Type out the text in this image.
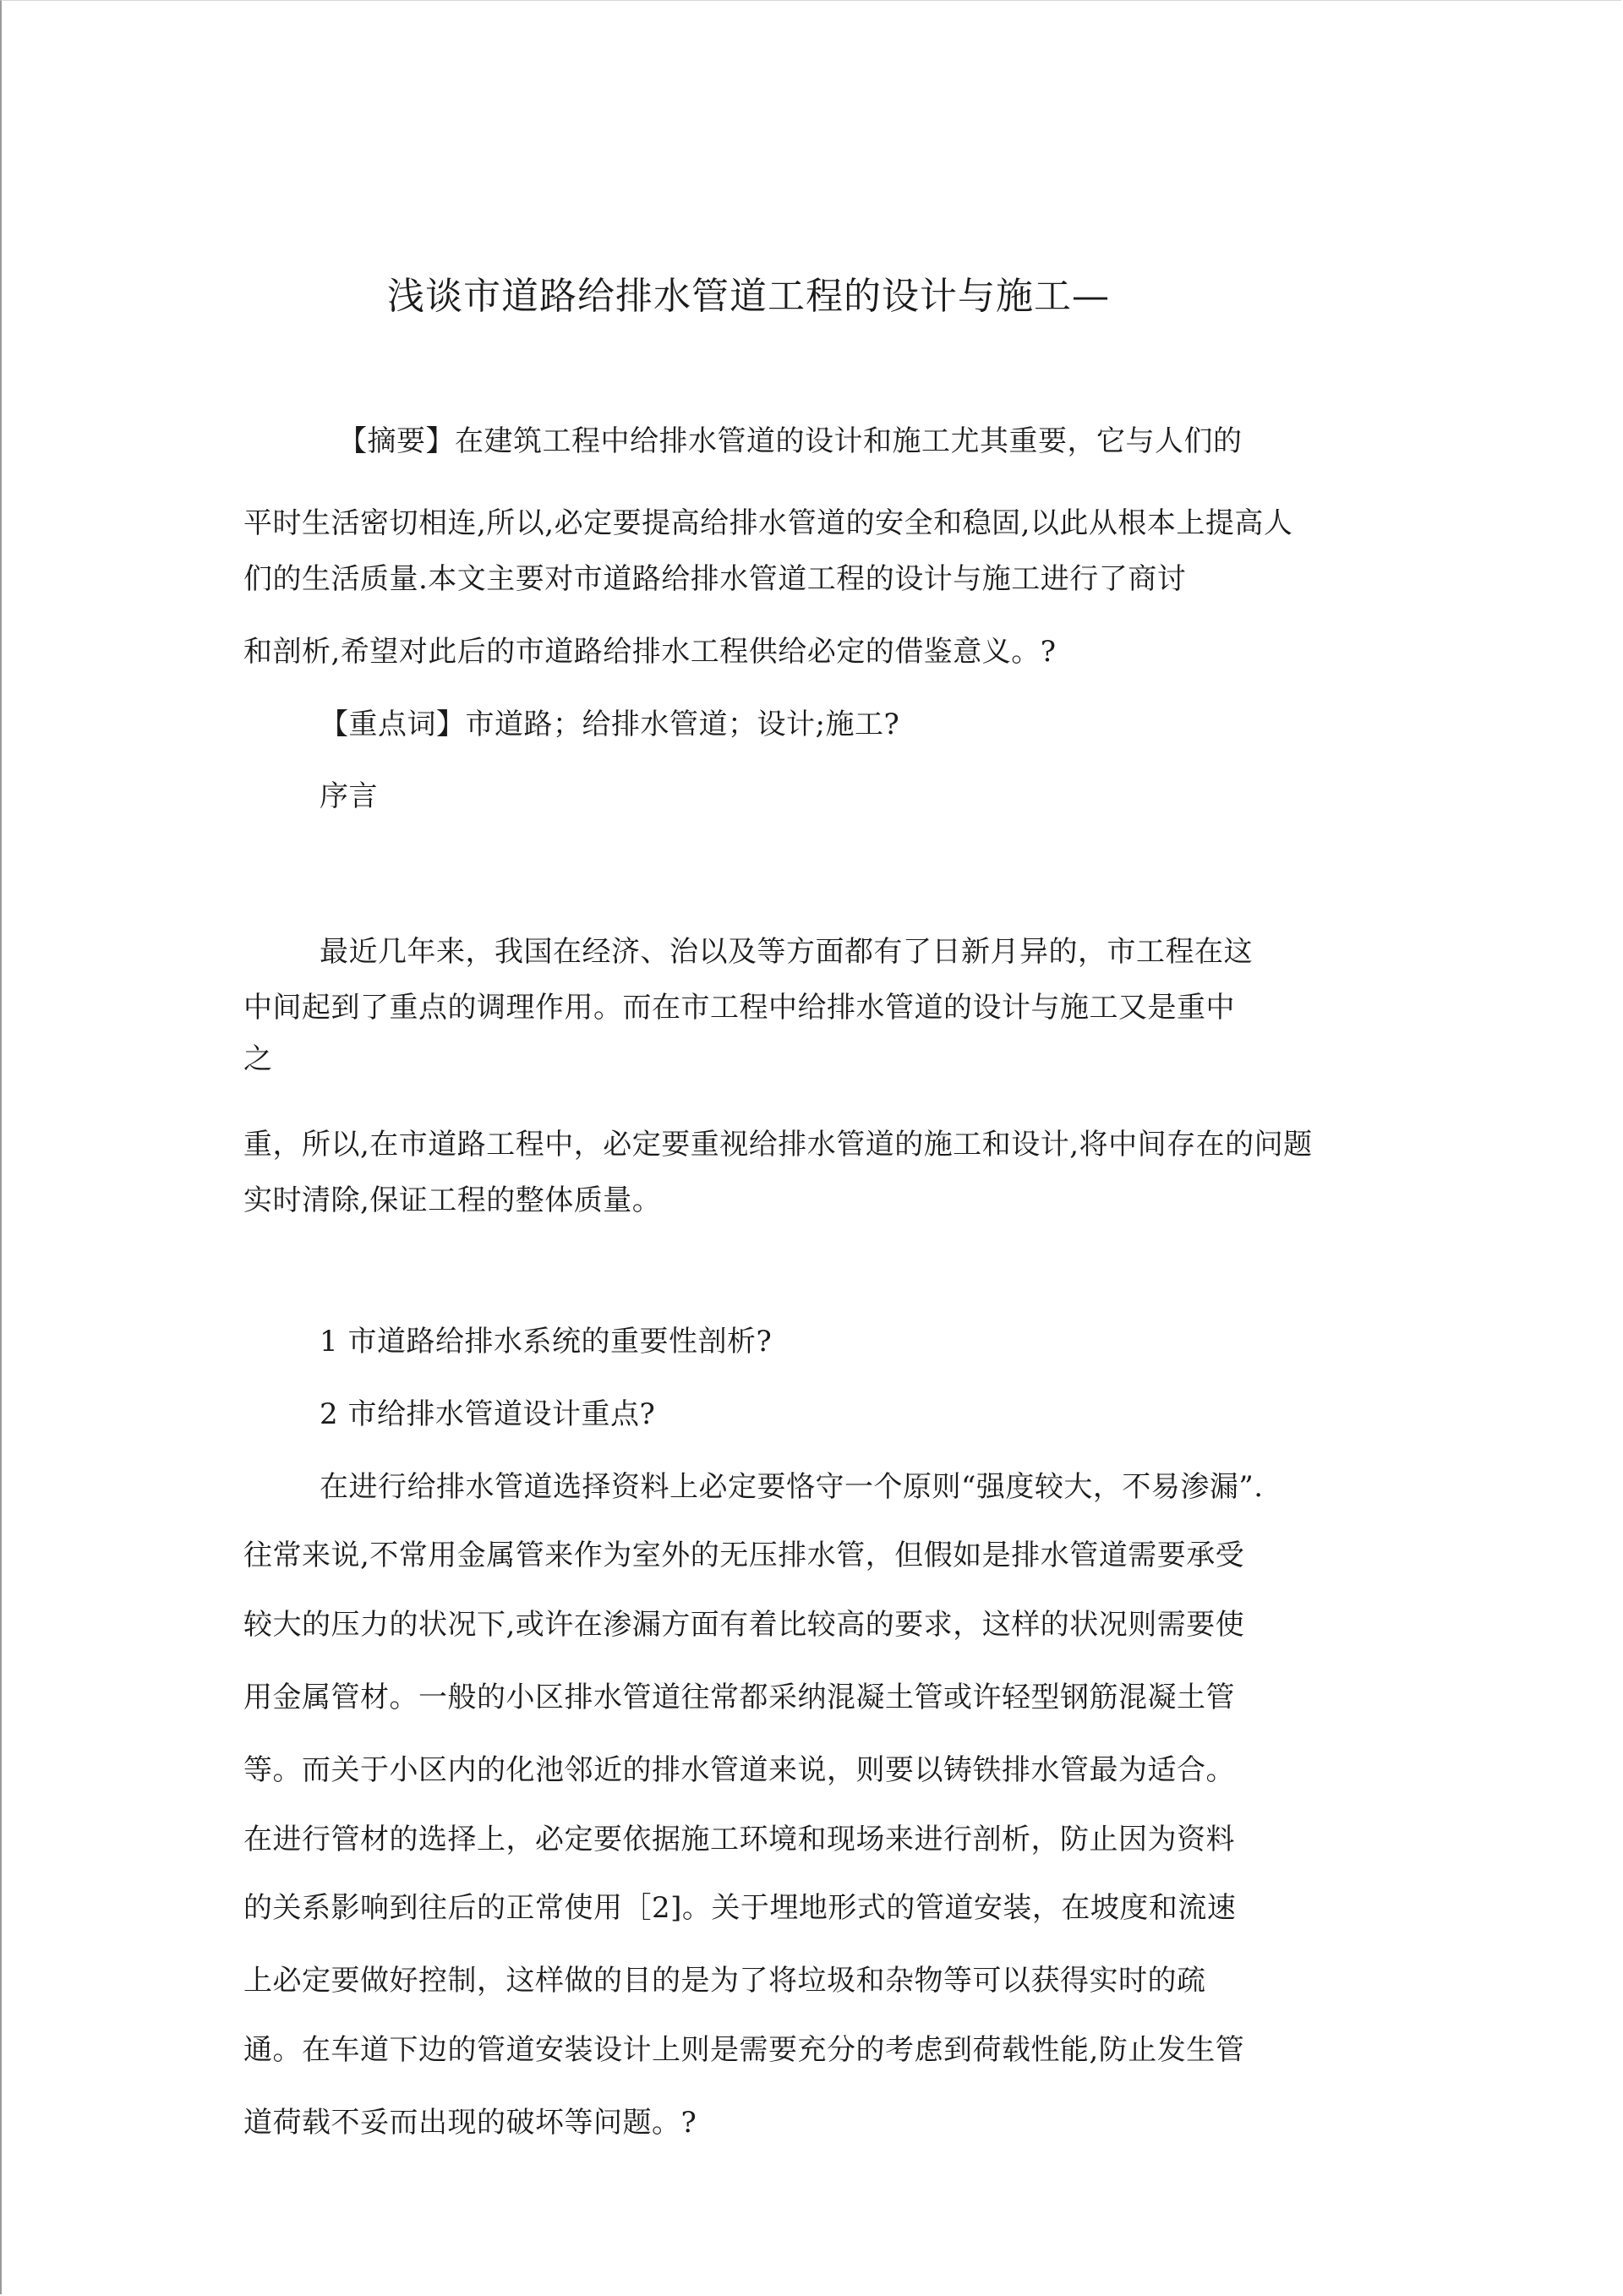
浅谈市道路给排水管道工程的设计与施工—
【摘要】在建筑工程中给排水管道的设计和施工尤其重要，它与人们的
平时生活密切相连,所以,必定要提高给排水管道的安全和稳固,以此从根本上提高人
们的生活质量.本文主要对市道路给排水管道工程的设计与施工进行了商讨
和剖析,希望对此后的市道路给排水工程供给必定的借鉴意义。?
【重点词】市道路；给排水管道；设计;施工?
序言
最近几年来，我国在经济、治以及等方面都有了日新月异的，市工程在这
中间起到了重点的调理作用。而在市工程中给排水管道的设计与施工又是重中
之
重，所以,在市道路工程中，必定要重视给排水管道的施工和设计,将中间存在的问题
实时清除,保证工程的整体质量。
1 市道路给排水系统的重要性剖析?
2 市给排水管道设计重点?
在进行给排水管道选择资料上必定要恪守一个原则“强度较大，不易渗漏”.
往常来说,不常用金属管来作为室外的无压排水管，但假如是排水管道需要承受
较大的压力的状况下,或许在渗漏方面有着比较高的要求，这样的状况则需要使
用金属管材。一般的小区排水管道往常都采纳混凝土管或许轻型钢筋混凝土管
等。而关于小区内的化池邻近的排水管道来说，则要以铸铁排水管最为适合。
在进行管材的选择上，必定要依据施工环境和现场来进行剖析，防止因为资料
的关系影响到往后的正常使用［2]。关于埋地形式的管道安装，在坡度和流速
上必定要做好控制，这样做的目的是为了将垃圾和杂物等可以获得实时的疏
通。在车道下边的管道安装设计上则是需要充分的考虑到荷载性能,防止发生管
道荷载不妥而出现的破坏等问题。?
